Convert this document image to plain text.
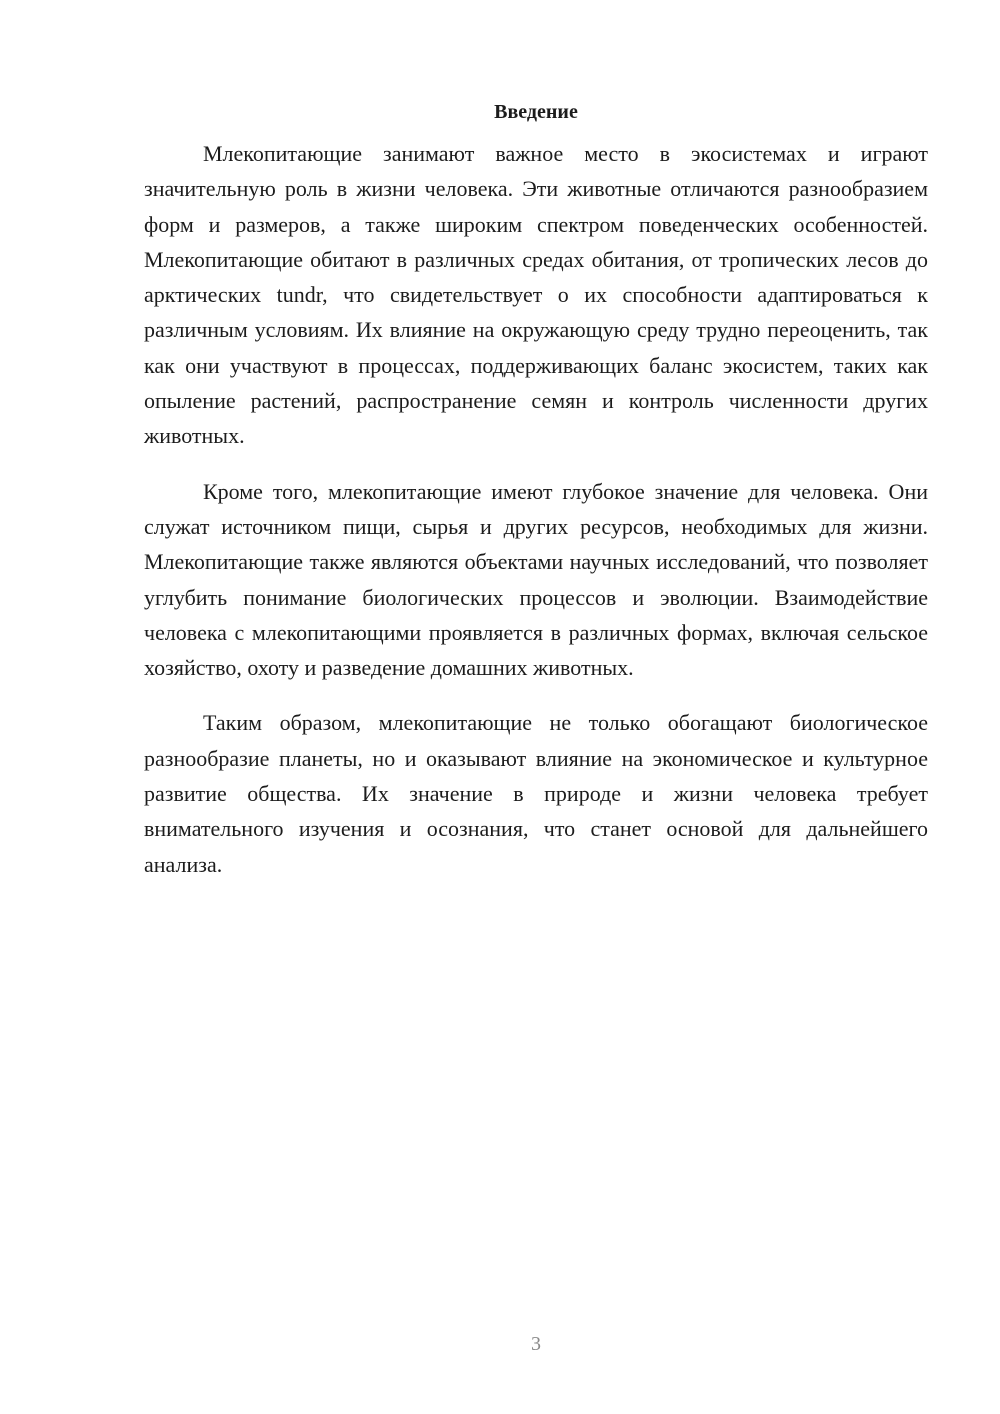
Введение

Млекопитающие занимают важное место в экосистемах и играют значительную роль в жизни человека. Эти животные отличаются разнообразием форм и размеров, а также широким спектром поведенческих особенностей. Млекопитающие обитают в различных средах обитания, от тропических лесов до арктических tundr, что свидетельствует о их способности адаптироваться к различным условиям. Их влияние на окружающую среду трудно переоценить, так как они участвуют в процессах, поддерживающих баланс экосистем, таких как опыление растений, распространение семян и контроль численности других животных.

Кроме того, млекопитающие имеют глубокое значение для человека. Они служат источником пищи, сырья и других ресурсов, необходимых для жизни. Млекопитающие также являются объектами научных исследований, что позволяет углубить понимание биологических процессов и эволюции. Взаимодействие человека с млекопитающими проявляется в различных формах, включая сельское хозяйство, охоту и разведение домашних животных.

Таким образом, млекопитающие не только обогащают биологическое разнообразие планеты, но и оказывают влияние на экономическое и культурное развитие общества. Их значение в природе и жизни человека требует внимательного изучения и осознания, что станет основой для дальнейшего анализа.

3
